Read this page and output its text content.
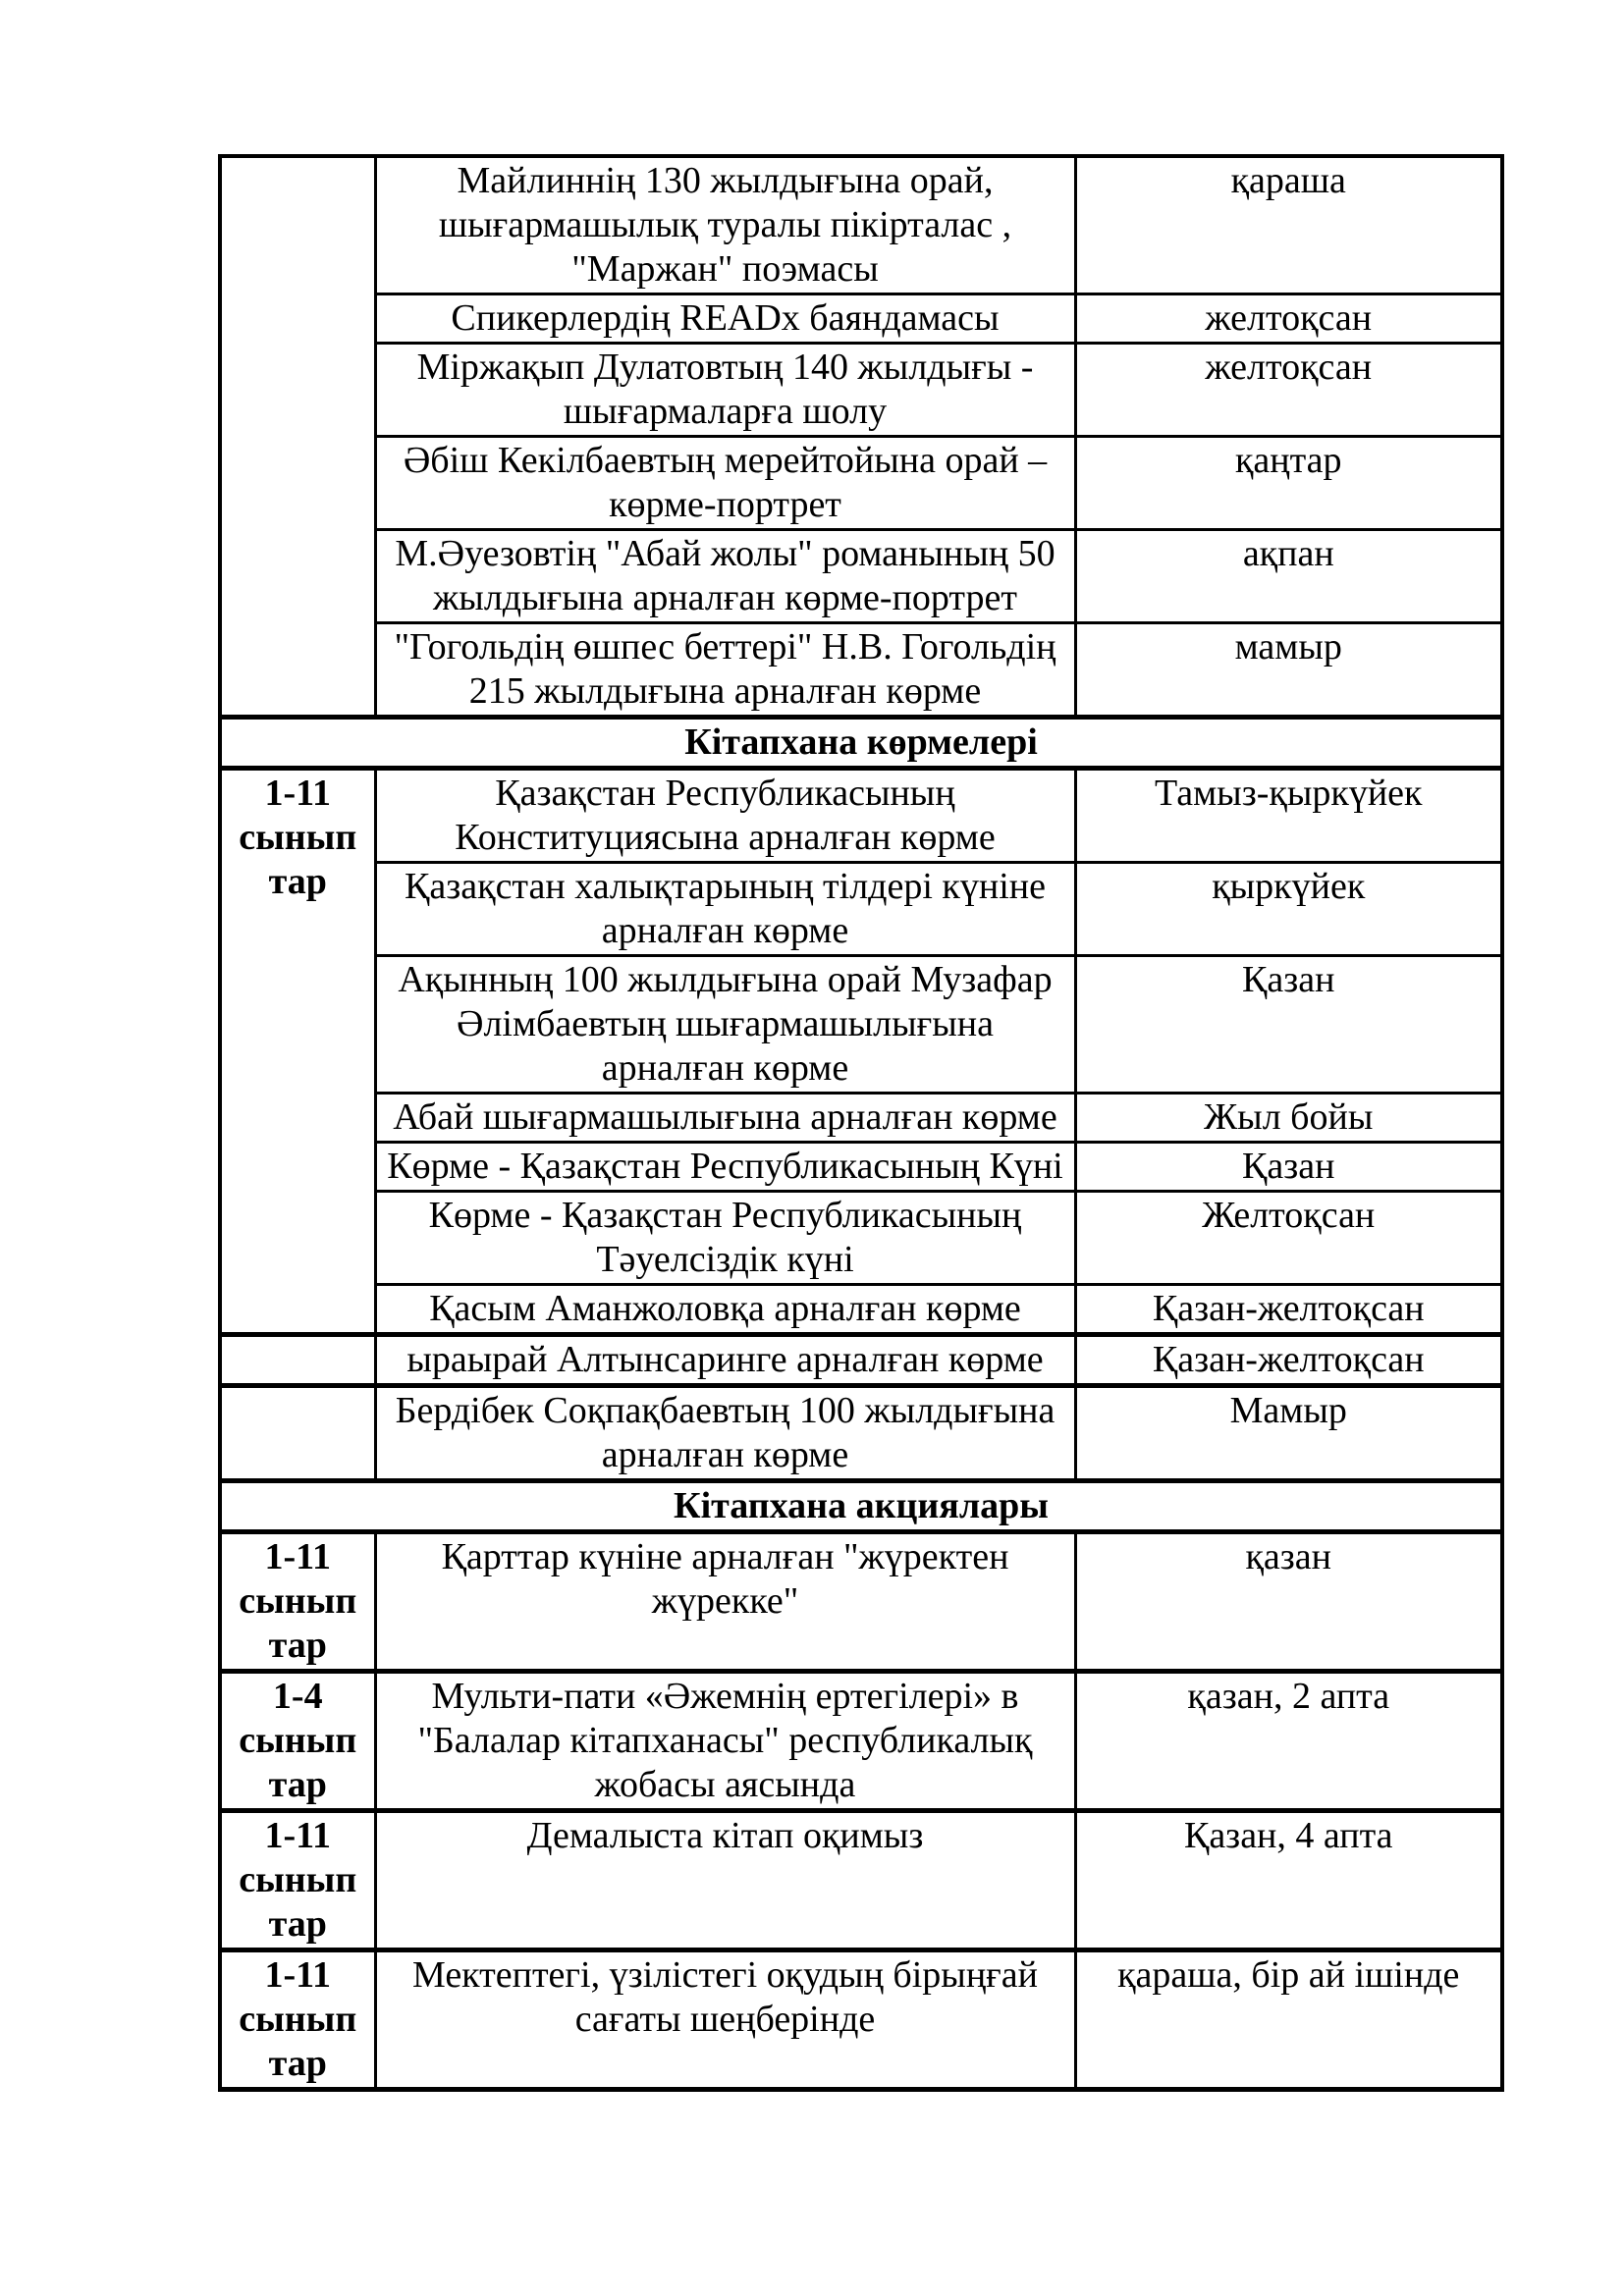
	Майлиннің 130 жылдығына орай, шығармашылық туралы пікірталас , "Маржан" поэмасы	қараша
	Спикерлердің READx баяндамасы	желтоқсан
	Міржақып Дулатовтың 140 жылдығы - шығармаларға шолу	желтоқсан
	Әбіш Кекілбаевтың мерейтойына орай – көрме-портрет	қаңтар
	М.Әуезовтің "Абай жолы" романының 50 жылдығына арналған көрме-портрет	ақпан
	"Гогольдің өшпес беттері" Н.В. Гогольдің 215 жылдығына арналған көрме	мамыр
Кітапхана көрмелері		
1-11 сынып тар	Қазақстан Республикасының Конституциясына арналған көрме	Тамыз-қыркүйек
	Қазақстан халықтарының тілдері күніне арналған көрме	қыркүйек
	Ақынның 100 жылдығына орай Музафар Әлімбаевтың шығармашылығына арналған көрме	Қазан
	Абай шығармашылығына арналған көрме	Жыл бойы
	Көрме - Қазақстан Республикасының Күні	Қазан
	Көрме - Қазақстан Республикасының Тәуелсіздік күні	Желтоқсан
	Қасым Аманжоловқа арналған көрме	Қазан-желтоқсан
	ыраырай Алтынсаринге арналған көрме	Қазан-желтоқсан
	Бердібек Соқпақбаевтың 100 жылдығына арналған көрме	Мамыр
Кітапхана акциялары		
1-11 сынып тар	Қарттар күніне арналған "жүректен жүрекке"	қазан
1-4 сынып тар	Мульти-пати «Әжемнің ертегілері» в "Балалар кітапханасы" республикалық жобасы аясында	қазан, 2 апта
1-11 сынып тар	Демалыста кітап оқимыз	Қазан, 4 апта
1-11 сынып тар	Мектептегі, үзілістегі оқудың бірыңғай сағаты шеңберінде	қараша, бір ай ішінде
